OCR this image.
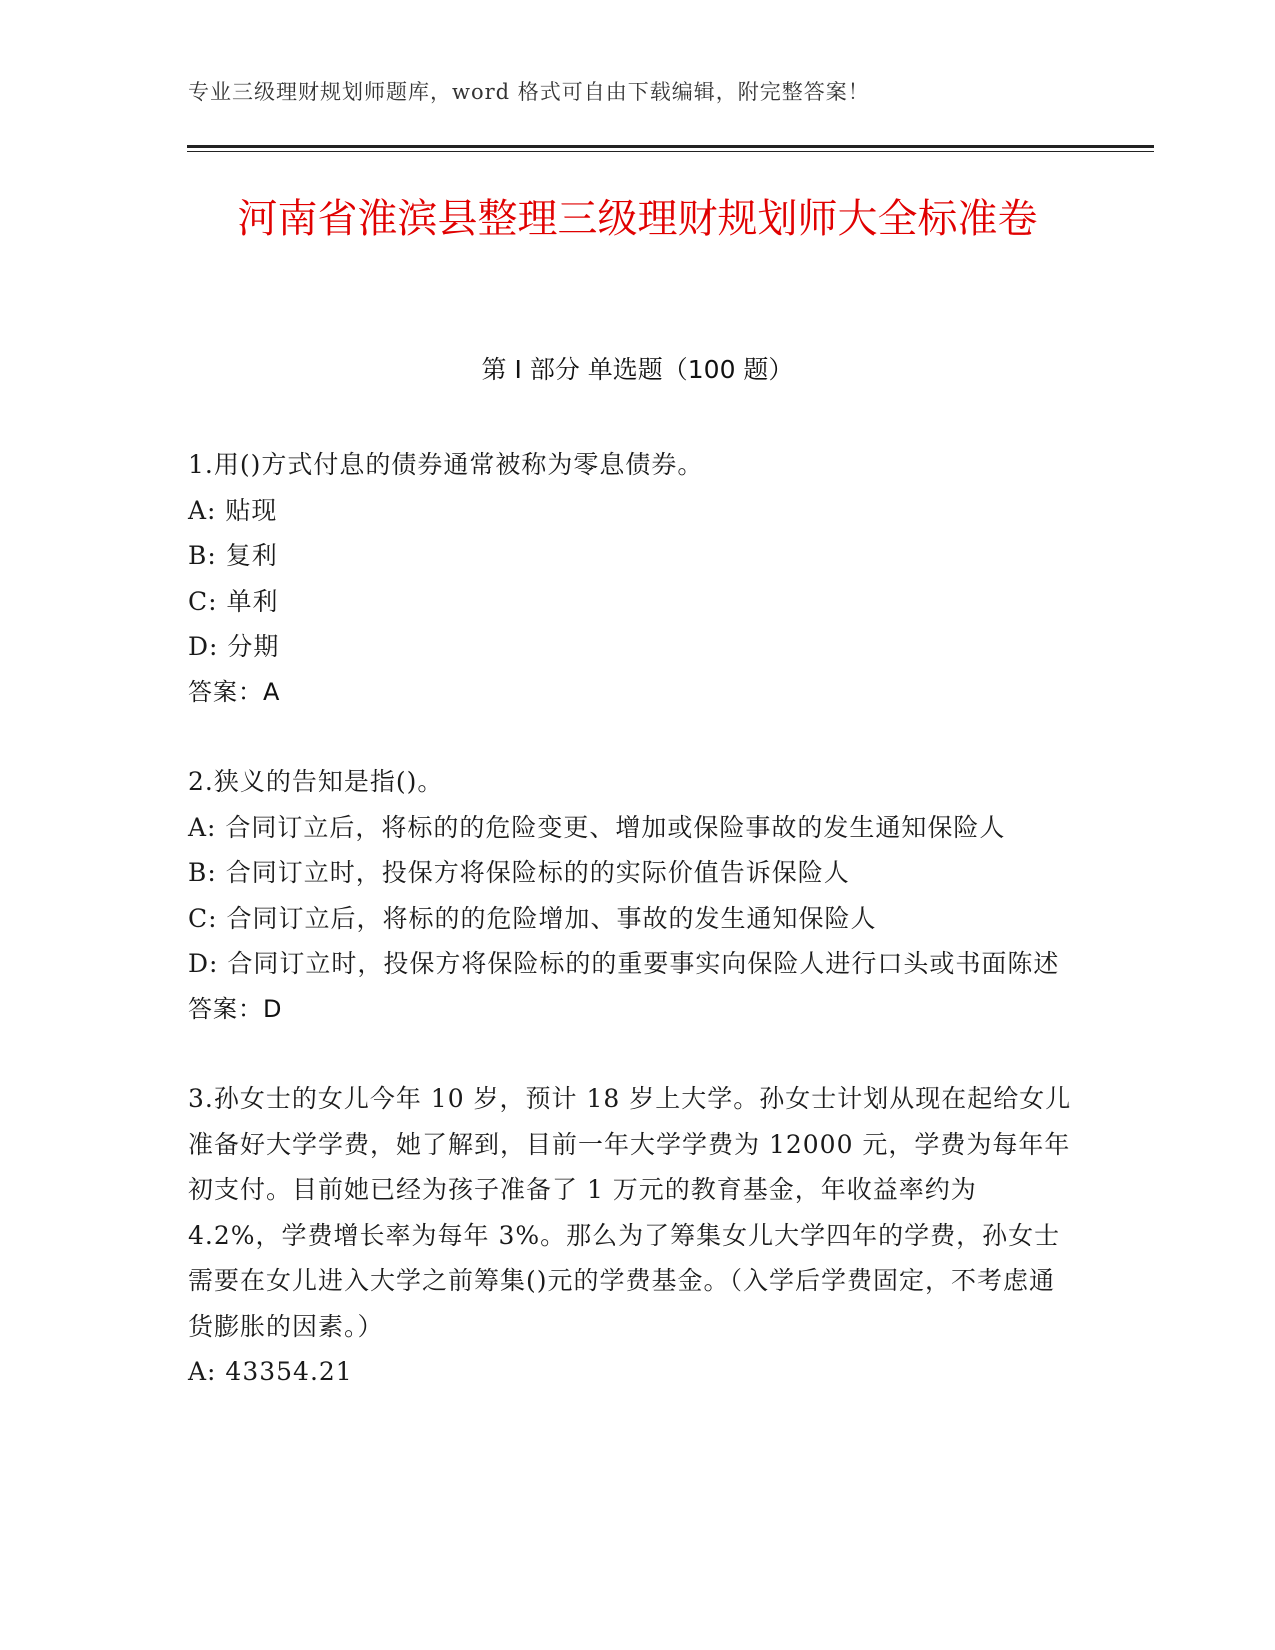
专业三级理财规划师题库，word 格式可自由下载编辑，附完整答案！
河南省淮滨县整理三级理财规划师大全标准卷
第 I 部分 单选题（100 题）
1.用()方式付息的债券通常被称为零息债券。
A: 贴现
B: 复利
C: 单利
D: 分期
答案：A
2.狭义的告知是指()。
A: 合同订立后，将标的的危险变更、增加或保险事故的发生通知保险人
B: 合同订立时，投保方将保险标的的实际价值告诉保险人
C: 合同订立后，将标的的危险增加、事故的发生通知保险人
D: 合同订立时，投保方将保险标的的重要事实向保险人进行口头或书面陈述
答案：D
3.孙女士的女儿今年 10 岁，预计 18 岁上大学。孙女士计划从现在起给女儿准备好大学学费，她了解到，目前一年大学学费为 12000 元，学费为每年年初支付。目前她已经为孩子准备了 1 万元的教育基金，年收益率约为 4.2%，学费增长率为每年 3%。那么为了筹集女儿大学四年的学费，孙女士需要在女儿进入大学之前筹集()元的学费基金。（入学后学费固定，不考虑通货膨胀的因素。）
A: 43354.21
